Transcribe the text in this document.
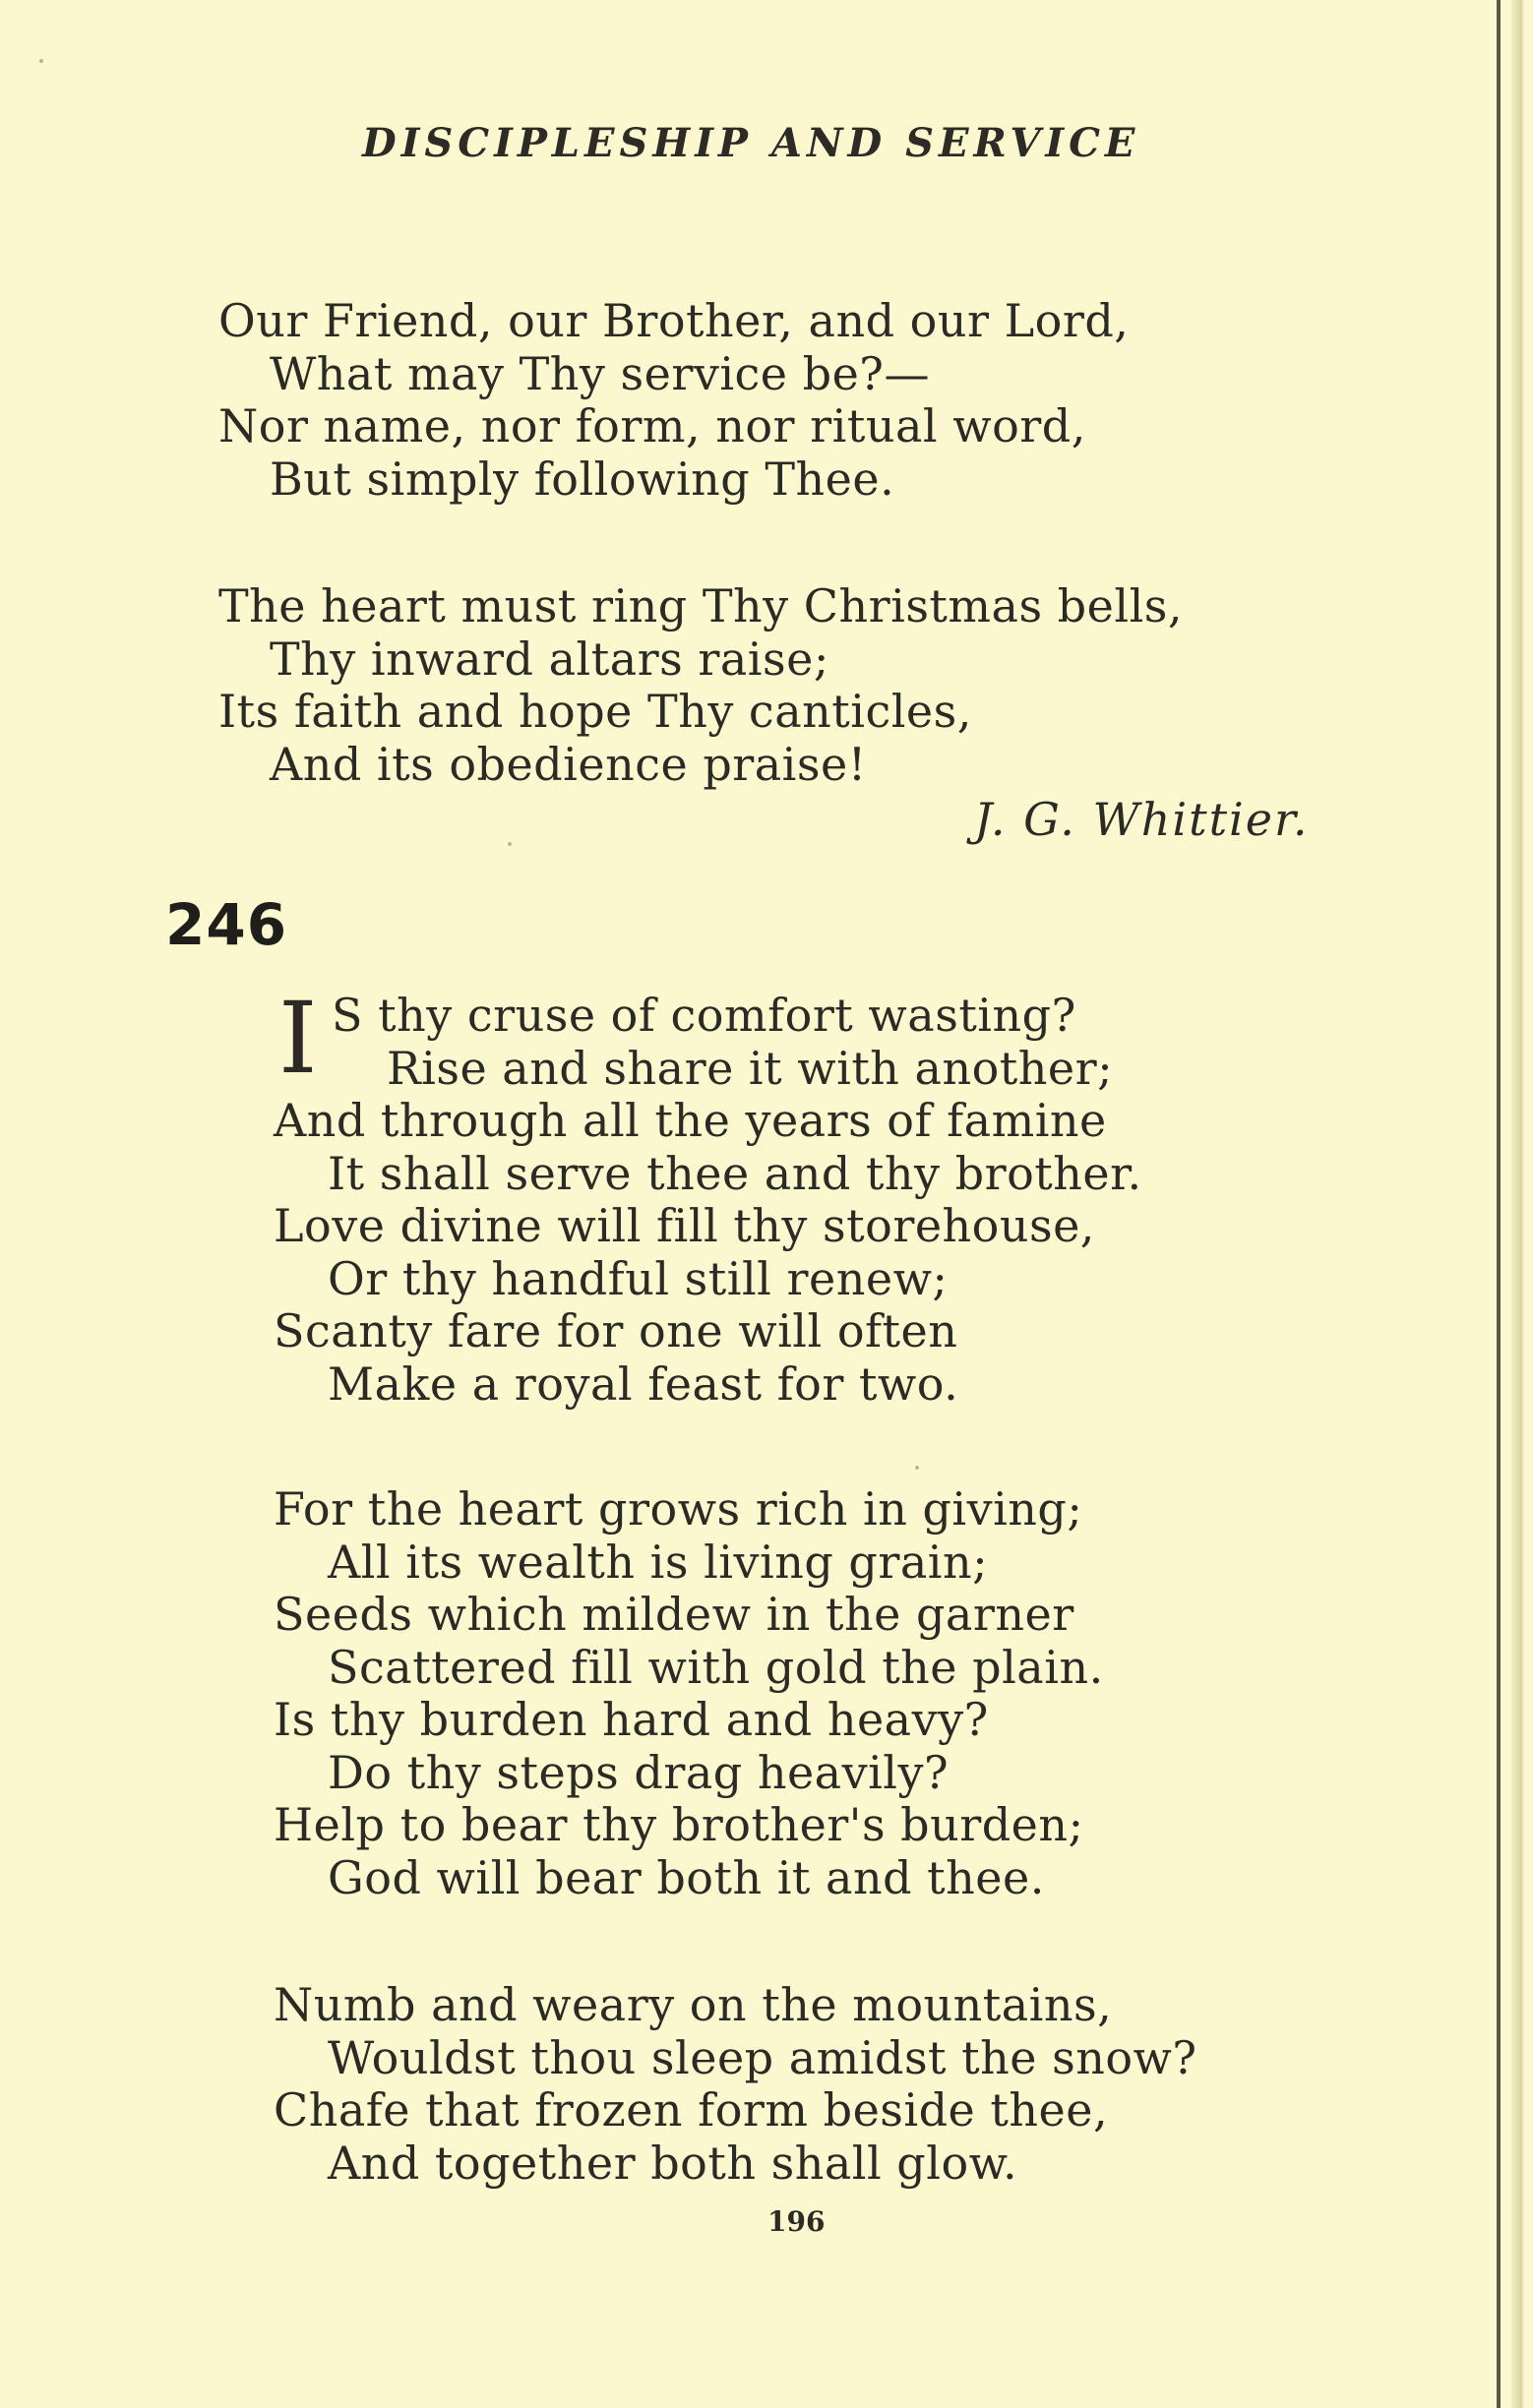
DISCIPLESHIP AND SERVICE
Our Friend, our Brother, and our Lord,
What may Thy service be?—
Nor name, nor form, nor ritual word,
But simply following Thee.
The heart must ring Thy Christmas bells,
Thy inward altars raise;
Its faith and hope Thy canticles,
And its obedience praise!
J. G. Whittier.
246
I S thy cruse of comfort wasting?
Rise and share it with another;
And through all the years of famine
It shall serve thee and thy brother.
Love divine will fill thy storehouse,
Or thy handful still renew;
Scanty fare for one will often
Make a royal feast for two.
For the heart grows rich in giving;
All its wealth is living grain;
Seeds which mildew in the garner
Scattered fill with gold the plain.
Is thy burden hard and heavy?
Do thy steps drag heavily?
Help to bear thy brother's burden;
God will bear both it and thee.
Numb and weary on the mountains,
Wouldst thou sleep amidst the snow?
Chafe that frozen form beside thee,
And together both shall glow.
196
